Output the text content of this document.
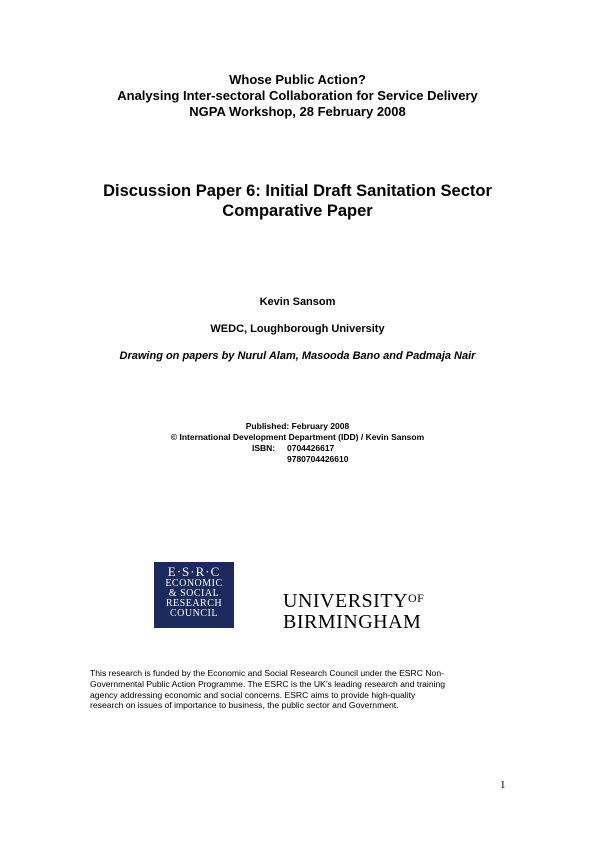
Whose Public Action?
Analysing Inter-sectoral Collaboration for Service Delivery
NGPA Workshop, 28 February 2008
Discussion Paper 6: Initial Draft Sanitation Sector
Comparative Paper
Kevin Sansom
WEDC, Loughborough University
Drawing on papers by Nurul Alam, Masooda Bano and Padmaja Nair
Published: February 2008
© International Development Department (IDD) / Kevin Sansom
ISBN:	0704426617
9780704426610
E·S·R·C
ECONOMIC
& SOCIAL
RESEARCH
COUNCIL
$UNIVERSITY^{OF}$
BIRMINGHAM
This research is funded by the Economic and Social Research Council under the ESRC Non-
Governmental Public Action Programme. The ESRC is the UK’s leading research and training
agency addressing economic and social concerns. ESRC aims to provide high-quality
research on issues of importance to business, the public sector and Government.
1
